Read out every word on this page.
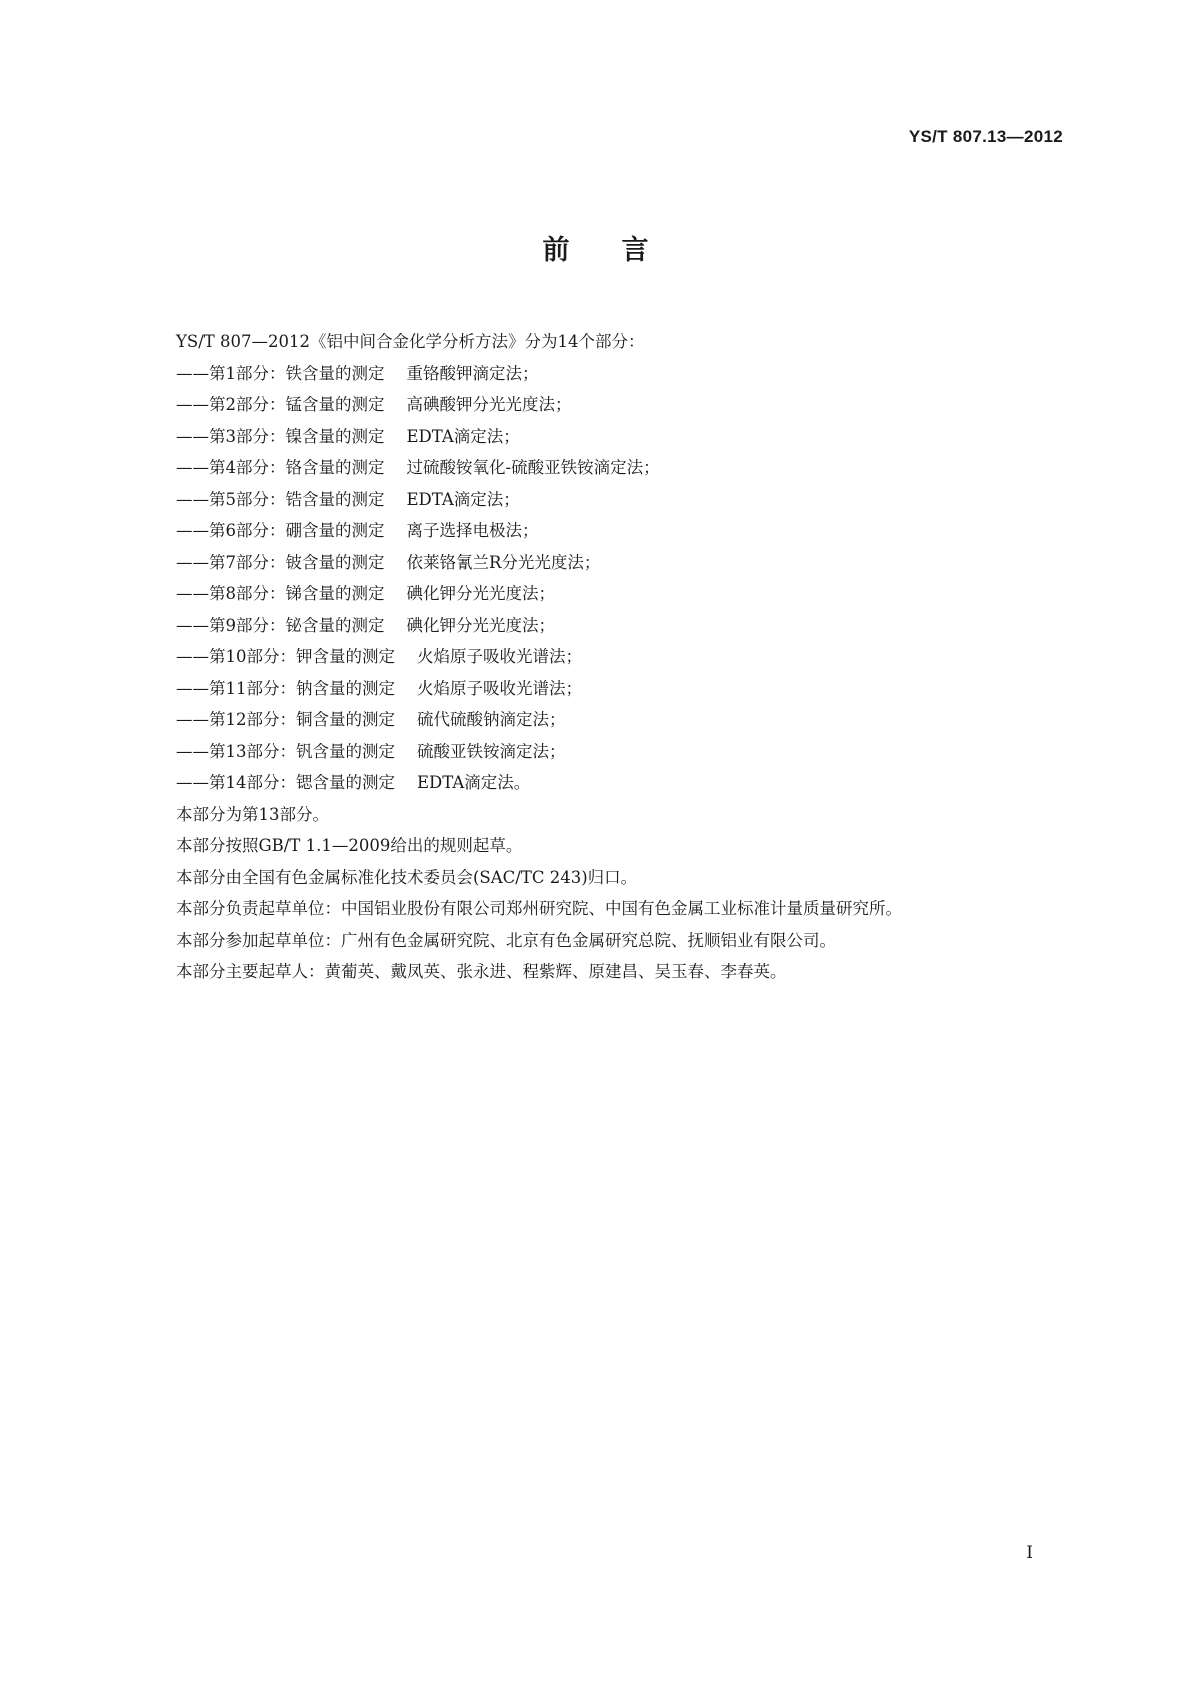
YS/T 807.13—2012
前言

YS/T 807—2012《铝中间合金化学分析方法》分为14个部分：

——第1部分：铁含量的测定 重铬酸钾滴定法；

——第2部分：锰含量的测定 高碘酸钾分光光度法；

——第3部分：镍含量的测定 EDTA滴定法；

——第4部分：铬含量的测定 过硫酸铵氧化-硫酸亚铁铵滴定法；

——第5部分：锆含量的测定 EDTA滴定法；

——第6部分：硼含量的测定 离子选择电极法；

——第7部分：铍含量的测定 依莱铬氰兰R分光光度法；

——第8部分：锑含量的测定 碘化钾分光光度法；

——第9部分：铋含量的测定 碘化钾分光光度法；

——第10部分：钾含量的测定 火焰原子吸收光谱法；

——第11部分：钠含量的测定 火焰原子吸收光谱法；

——第12部分：铜含量的测定 硫代硫酸钠滴定法；

——第13部分：钒含量的测定 硫酸亚铁铵滴定法；

——第14部分：锶含量的测定 EDTA滴定法。

本部分为第13部分。

本部分按照GB/T 1.1—2009给出的规则起草。

本部分由全国有色金属标准化技术委员会(SAC/TC 243)归口。

本部分负责起草单位：中国铝业股份有限公司郑州研究院、中国有色金属工业标准计量质量研究所。

本部分参加起草单位：广州有色金属研究院、北京有色金属研究总院、抚顺铝业有限公司。

本部分主要起草人：黄葡英、戴凤英、张永进、程紫辉、原建昌、吴玉春、李春英。

I
